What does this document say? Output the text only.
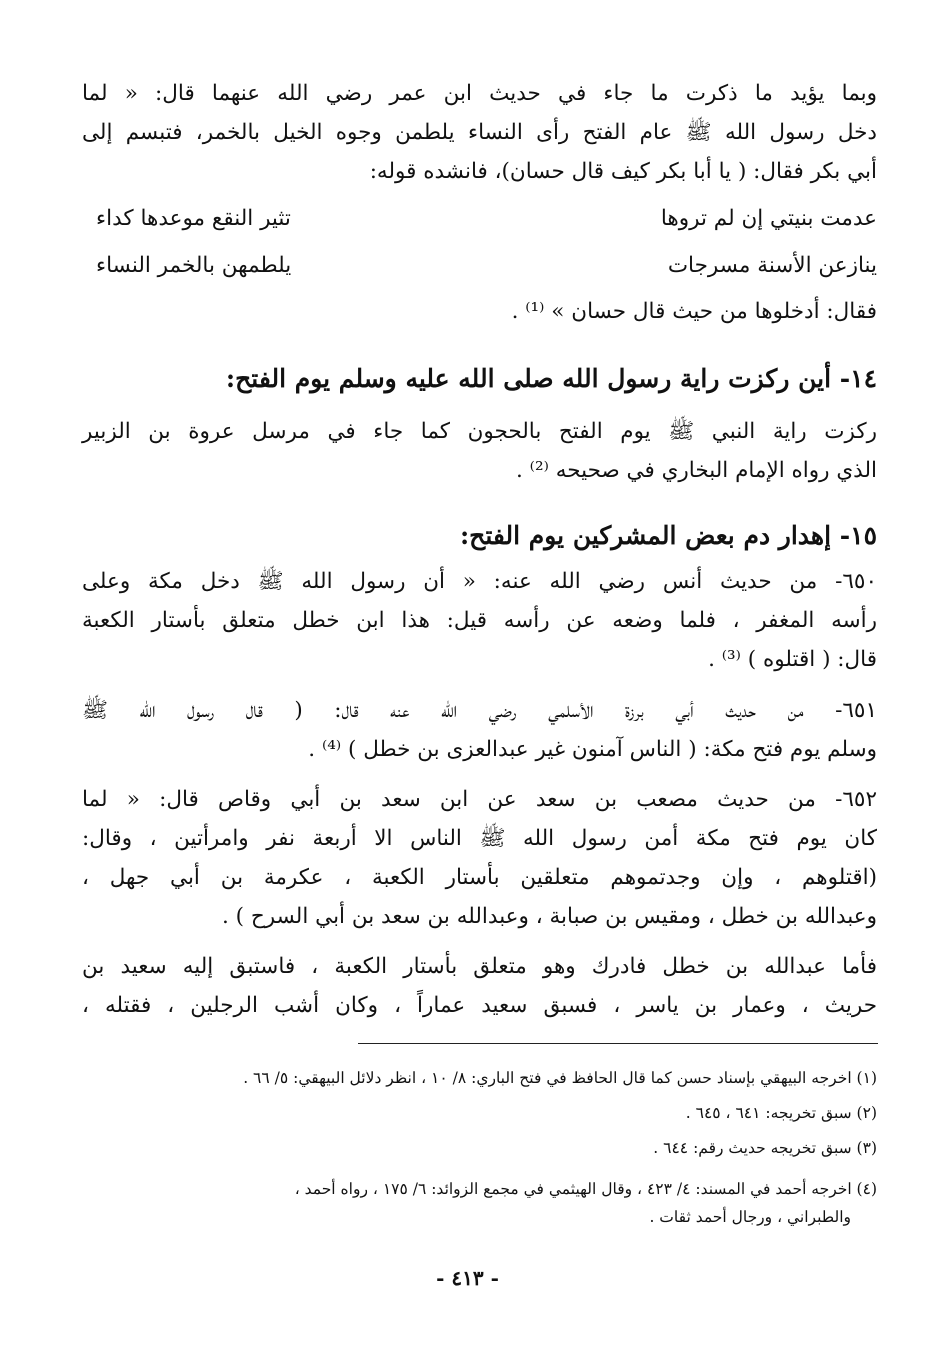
وبما يؤيد ما ذكرت ما جاء في حديث ابن عمر رضي الله عنهما قال: « لما
دخل رسول الله ﷺ عام الفتح رأى النساء يلطمن وجوه الخيل بالخمر، فتبسم إلى
أبي بكر فقال: ( يا أبا بكر كيف قال حسان)، فانشده قوله:
عدمت بنيتي إن لم تروها
تثير النقع موعدها كداء
ينازعن الأسنة مسرجات
يلطمهن بالخمر النساء
فقال: أدخلوها من حيث قال حسان » ⁽¹⁾ .
١٤- أين ركزت راية رسول الله صلى الله عليه وسلم يوم الفتح:
ركزت راية النبي ﷺ يوم الفتح بالحجون كما جاء في مرسل عروة بن الزبير
الذي رواه الإمام البخاري في صحيحه ⁽²⁾ .
١٥- إهدار دم بعض المشركين يوم الفتح:
٦٥٠- من حديث أنس رضي الله عنه: « أن رسول الله ﷺ دخل مكة وعلى
رأسه المغفر ، فلما وضعه عن رأسه قيل: هذا ابن خطل متعلق بأستار الكعبة
قال: ( اقتلوه ) ⁽³⁾ .
٦٥١- من حديث أبي برزة الأسلمي رضي الله عنه قال: ( قال رسول الله ﷺ
وسلم يوم فتح مكة: ( الناس آمنون غير عبدالعزى بن خطل ) ⁽⁴⁾ .
٦٥٢- من حديث مصعب بن سعد عن ابن سعد بن أبي وقاص قال: « لما
كان يوم فتح مكة أمن رسول الله ﷺ الناس الا أربعة نفر وامرأتين ، وقال:
(اقتلوهم ، وإن وجدتموهم متعلقين بأستار الكعبة ، عكرمة بن أبي جهل ،
وعبدالله بن خطل ، ومقيس بن صبابة ، وعبدالله بن سعد بن أبي السرح ) .
فأما عبدالله بن خطل فادرك وهو متعلق بأستار الكعبة ، فاستبق إليه سعيد بن
حريث ، وعمار بن ياسر ، فسبق سعيد عماراً ، وكان أشب الرجلين ، فقتله ،
(١) اخرجه البيهقي بإسناد حسن كما قال الحافظ في فتح الباري: ٨/ ١٠ ، انظر دلائل البيهقي: ٥/ ٦٦ .
(٢) سبق تخريجه: ٦٤١ ، ٦٤٥ .
(٣) سبق تخريجه حديث رقم: ٦٤٤ .
(٤) اخرجه أحمد في المسند: ٤/ ٤٢٣ ، وقال الهيثمي في مجمع الزوائد: ٦/ ١٧٥ ، رواه أحمد ،
والطبراني ، ورجال أحمد ثقات .
- ٤١٣ -
